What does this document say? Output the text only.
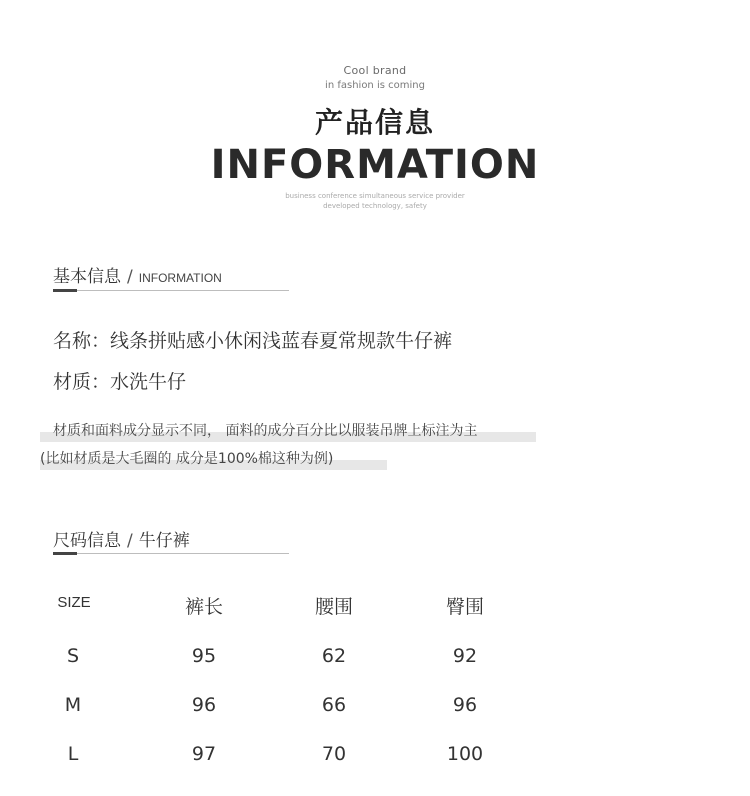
Cool brand
in fashion is coming
产品信息
INFORMATION
business conference simultaneous service provider
developed technology, safety
基本信息 / INFORMATION
名称：线条拼贴感小休闲浅蓝春夏常规款牛仔裤
材质：水洗牛仔
材质和面料成分显示不同， 面料的成分百分比以服装吊牌上标注为主
(比如材质是大毛圈的 成分是100%棉这种为例)
尺码信息 / 牛仔裤
SIZE	裤长	腰围	臀围
S	95	62	92
M	96	66	96
L	97	70	100
